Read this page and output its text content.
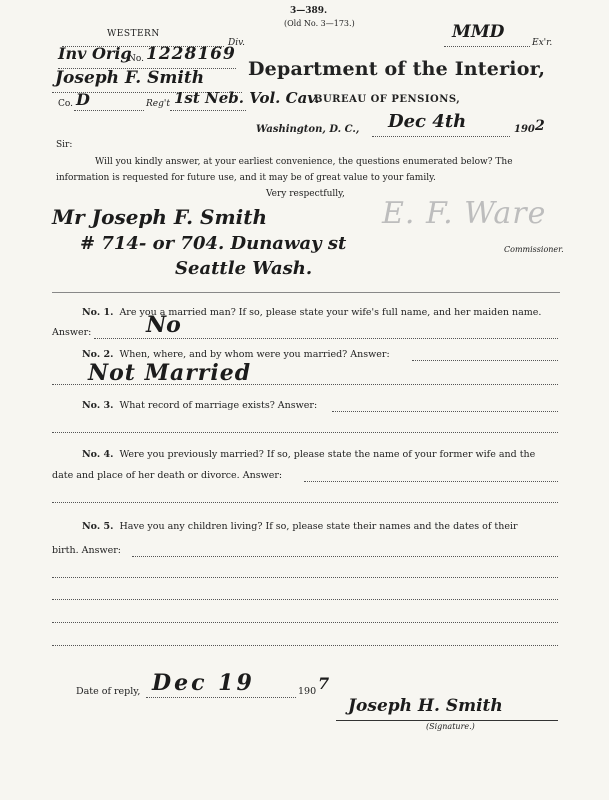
3—389.
(Old No. 3—173.)
WESTERN
Div.
MMD
Ex'r.
Inv Orig
No. 1228169
Joseph F. Smith
Co. D	Reg't 1st Neb. Vol. Cav.
Department of the Interior,
BUREAU OF PENSIONS,
Washington, D. C., Dec 4th	190 2
Sir:
Will you kindly answer, at your earliest convenience, the questions enumerated below? The
information is requested for future use, and it may be of great value to your family.
Very respectfully,
Mr Joseph F. Smith
# 714- or 704. Dunaway st
Seattle Wash.
E. F. Ware
Commissioner.
No. 1. Are you a married man? If so, please state your wife's full name, and her maiden name.
Answer: No
No. 2. When, where, and by whom were you married? Answer:
Not Married
No. 3. What record of marriage exists? Answer:
No. 4. Were you previously married? If so, please state the name of your former wife and the
date and place of her death or divorce. Answer:
No. 5. Have you any children living? If so, please state their names and the dates of their
birth. Answer:
Date of reply, Dec 19	190 7
Joseph H. Smith
(Signature.)
